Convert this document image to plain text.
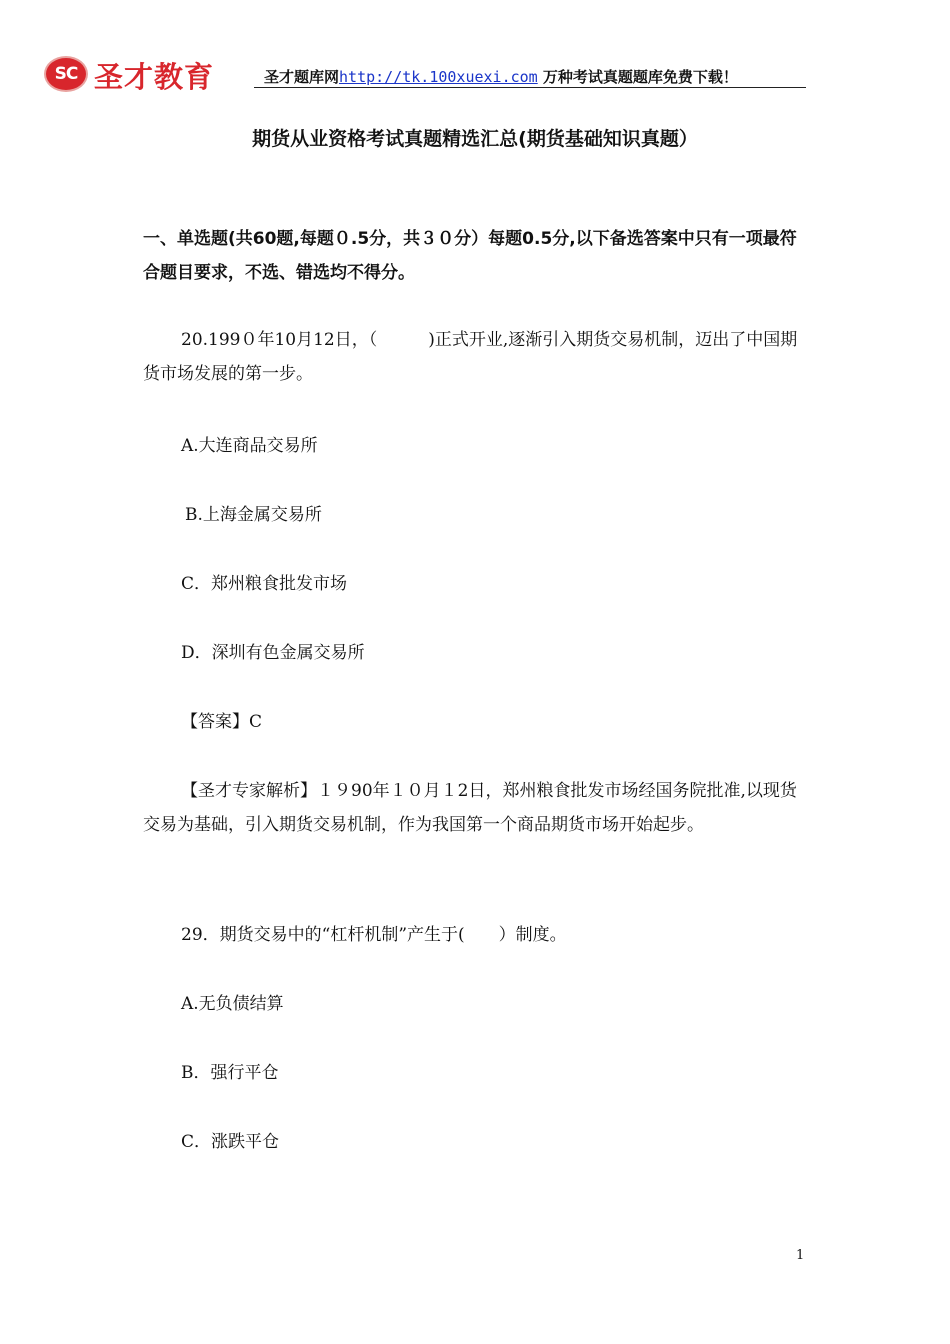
SC 圣才教育	圣才题库网http://tk.100xuexi.com 万种考试真题题库免费下载！
期货从业资格考试真题精选汇总(期货基础知识真题）
一、单选题(共60题,每题０.5分，共３０分）每题0.5分,以下备选答案中只有一项最符合题目要求，不选、错选均不得分。
20.199０年10月12日，（　　　)正式开业,逐渐引入期货交易机制，迈出了中国期货市场发展的第一步。
A.大连商品交易所
B.上海金属交易所
C．郑州粮食批发市场
D．深圳有色金属交易所
【答案】C
【圣才专家解析】１９90年１０月１2日，郑州粮食批发市场经国务院批准,以现货交易为基础，引入期货交易机制，作为我国第一个商品期货市场开始起步。
29．期货交易中的“杠杆机制”产生于(　　）制度。
A.无负债结算
B．强行平仓
C．涨跌平仓
1
